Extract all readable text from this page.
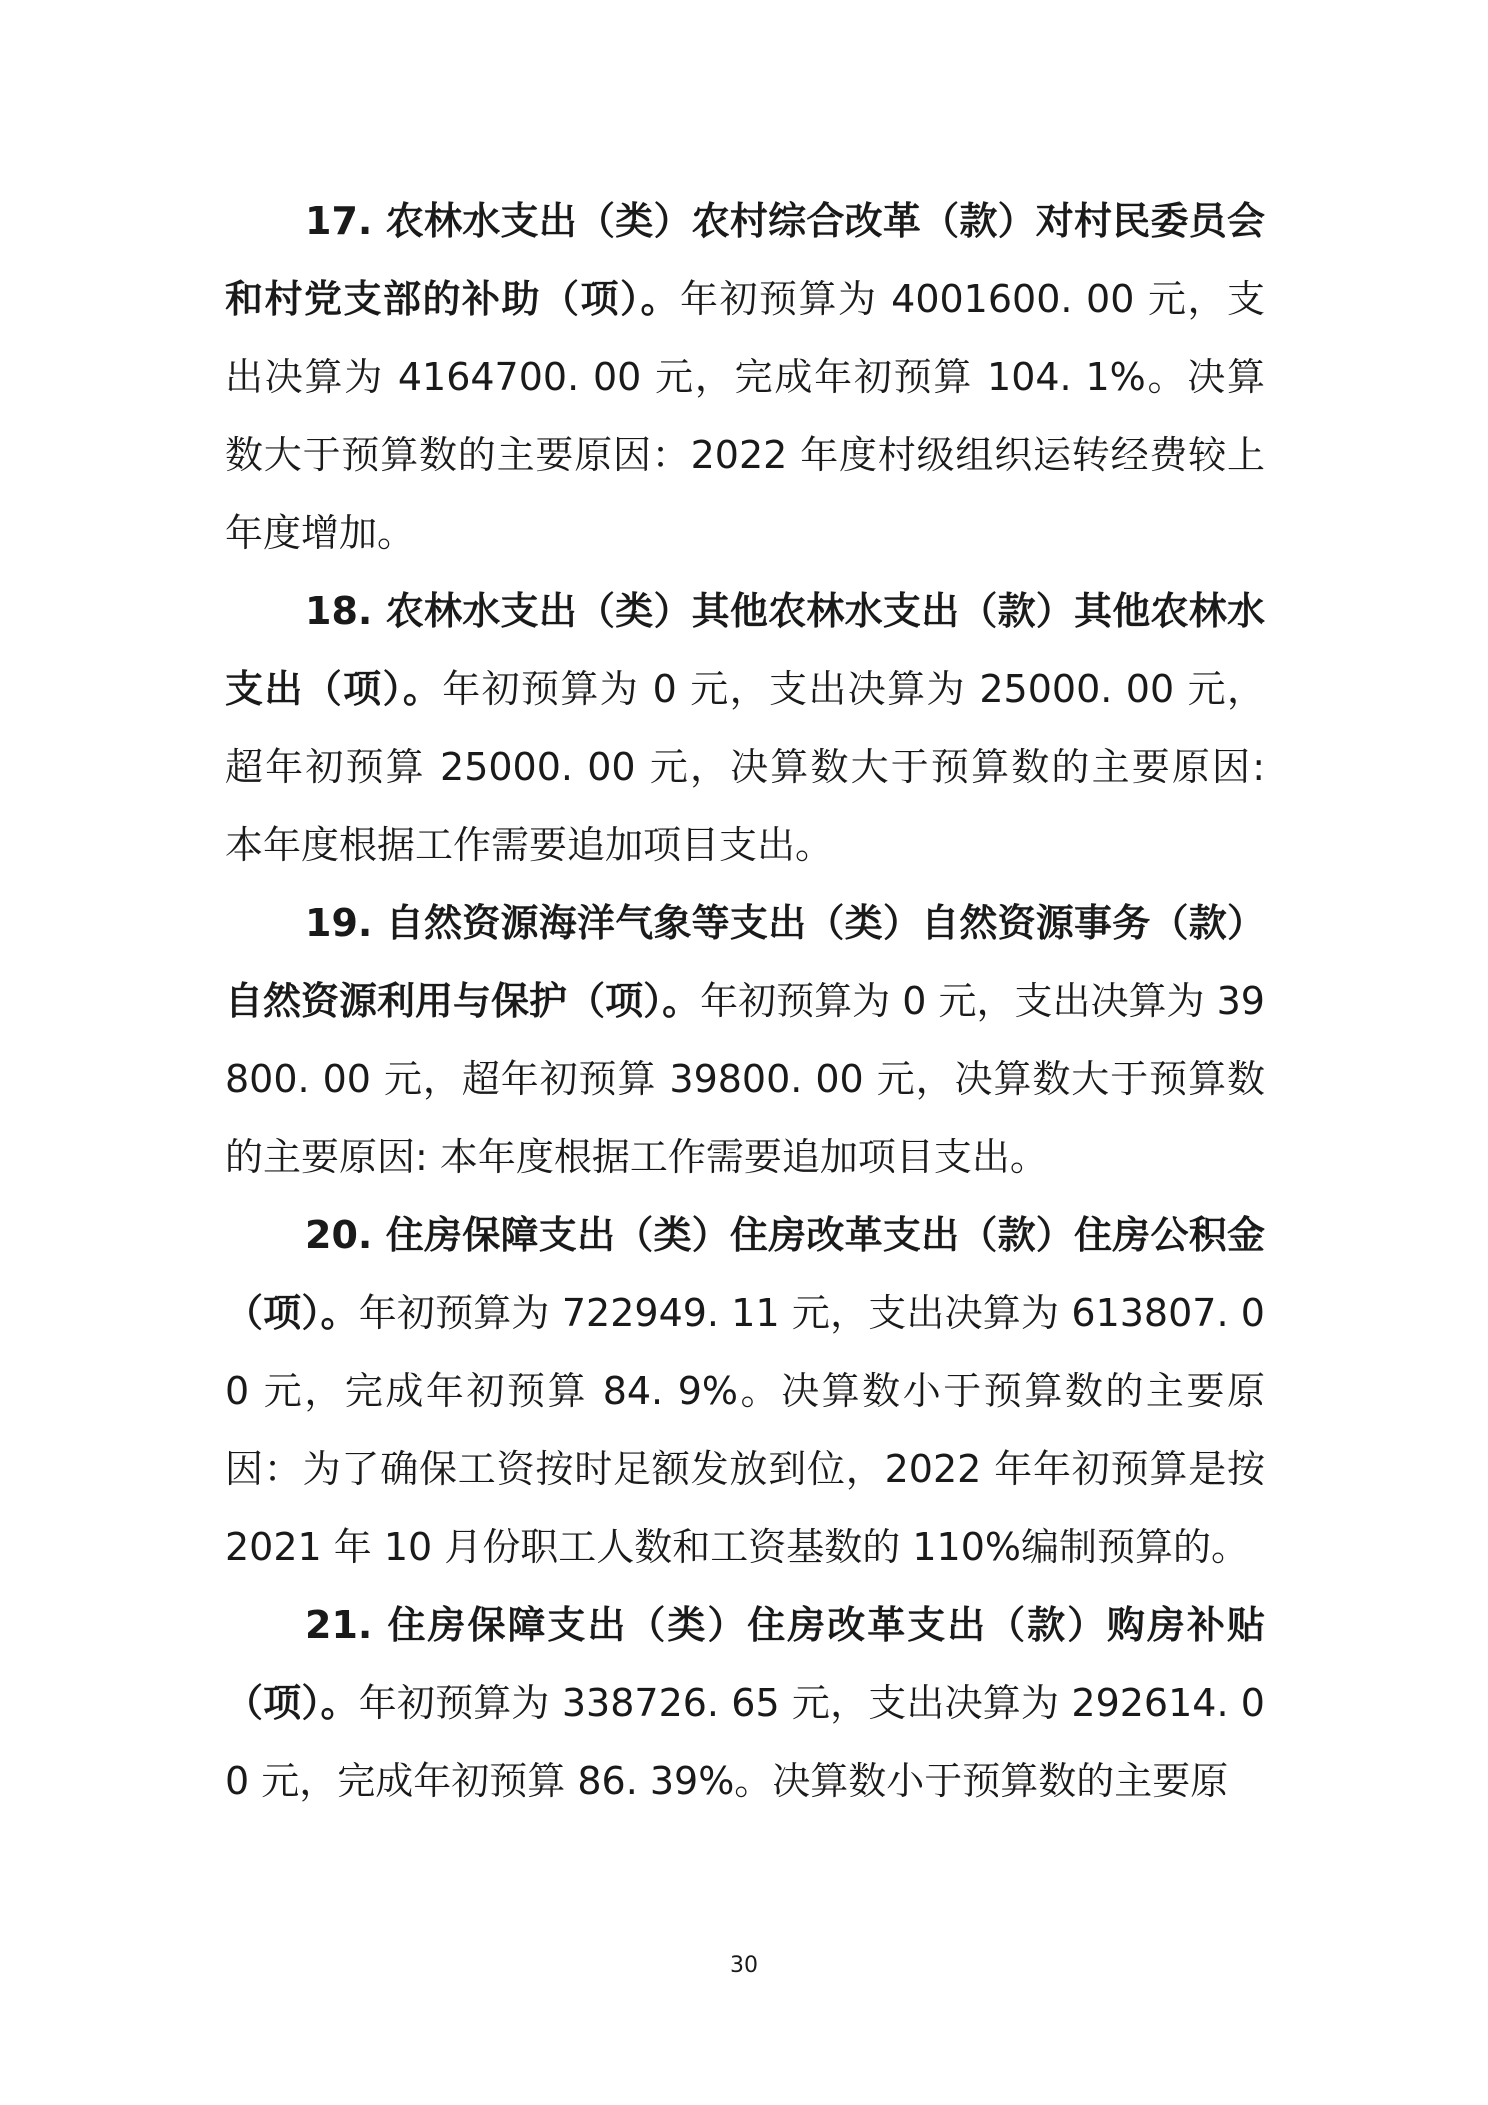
17. 农林水支出（类）农村综合改革（款）对村民委员会和村党支部的补助（项）。年初预算为 4001600. 00 元，支出决算为 4164700. 00 元，完成年初预算 104. 1%。决算数大于预算数的主要原因：2022 年度村级组织运转经费较上年度增加。

18. 农林水支出（类）其他农林水支出（款）其他农林水支出（项）。年初预算为 0 元，支出决算为 25000. 00 元，超年初预算 25000. 00 元，决算数大于预算数的主要原因: 本年度根据工作需要追加项目支出。

19. 自然资源海洋气象等支出（类）自然资源事务（款）自然资源利用与保护（项）。年初预算为 0 元，支出决算为 39800. 00 元，超年初预算 39800. 00 元，决算数大于预算数的主要原因: 本年度根据工作需要追加项目支出。

20. 住房保障支出（类）住房改革支出（款）住房公积金（项）。年初预算为 722949. 11 元，支出决算为 613807. 00 元，完成年初预算 84. 9%。决算数小于预算数的主要原因：为了确保工资按时足额发放到位，2022 年年初预算是按 2021 年 10 月份职工人数和工资基数的 110%编制预算的。

21. 住房保障支出（类）住房改革支出（款）购房补贴（项）。年初预算为 338726. 65 元，支出决算为 292614. 00 元，完成年初预算 86. 39%。决算数小于预算数的主要原

30
